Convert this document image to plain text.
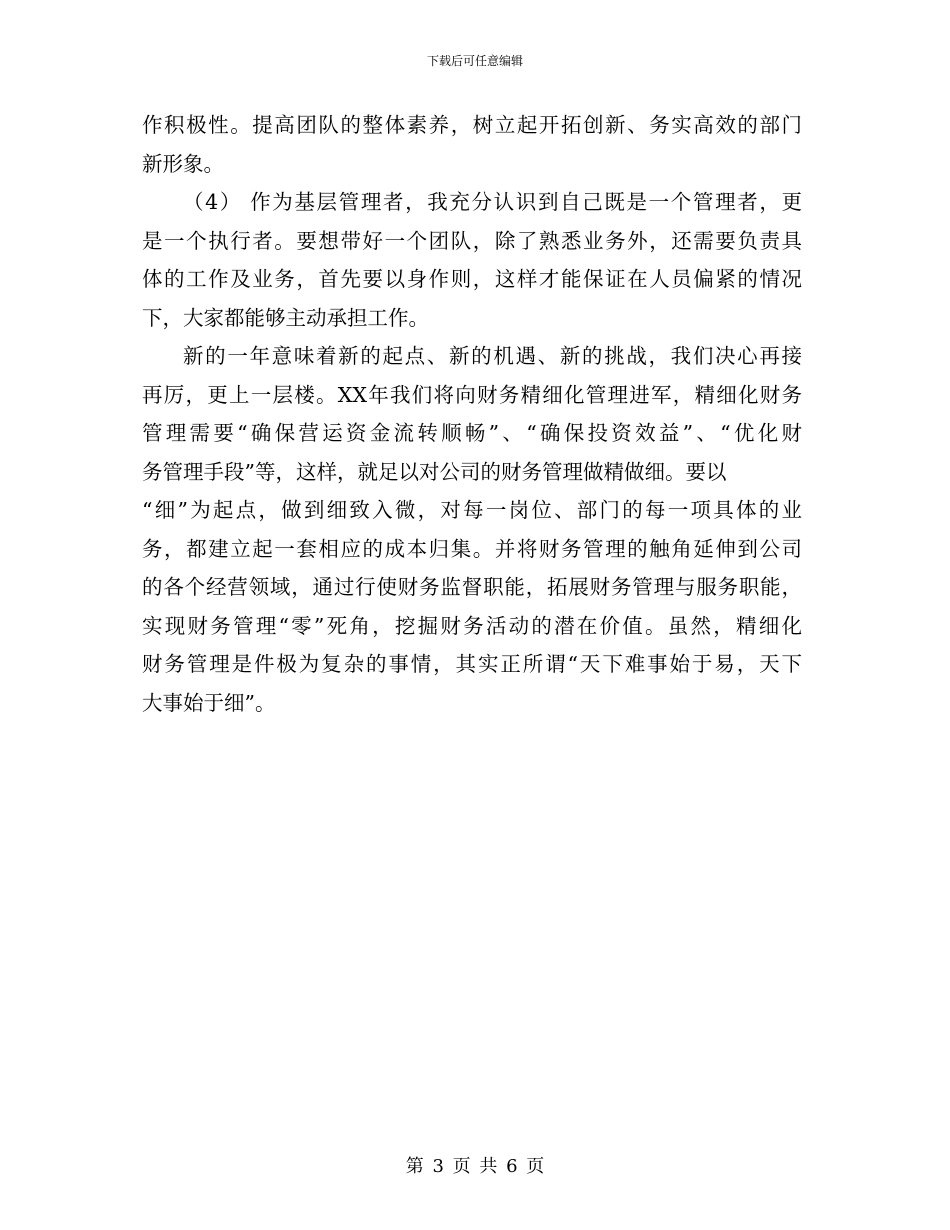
下载后可任意编辑

作积极性。提高团队的整体素养，树立起开拓创新、务实高效的部门
新形象。

（4） 作为基层管理者，我充分认识到自己既是一个管理者，更
是一个执行者。要想带好一个团队，除了熟悉业务外，还需要负责具
体的工作及业务，首先要以身作则，这样才能保证在人员偏紧的情况
下，大家都能够主动承担工作。

新的一年意味着新的起点、新的机遇、新的挑战，我们决心再接
再厉，更上一层楼。XX年我们将向财务精细化管理进军，精细化财务
管理需要“确保营运资金流转顺畅”、“确保投资效益”、“优化财
务管理手段”等，这样，就足以对公司的财务管理做精做细。要以
“细”为起点，做到细致入微，对每一岗位、部门的每一项具体的业
务，都建立起一套相应的成本归集。并将财务管理的触角延伸到公司
的各个经营领域，通过行使财务监督职能，拓展财务管理与服务职能，
实现财务管理“零”死角，挖掘财务活动的潜在价值。虽然，精细化
财务管理是件极为复杂的事情，其实正所谓“天下难事始于易，天下
大事始于细”。

第 3 页 共 6 页
